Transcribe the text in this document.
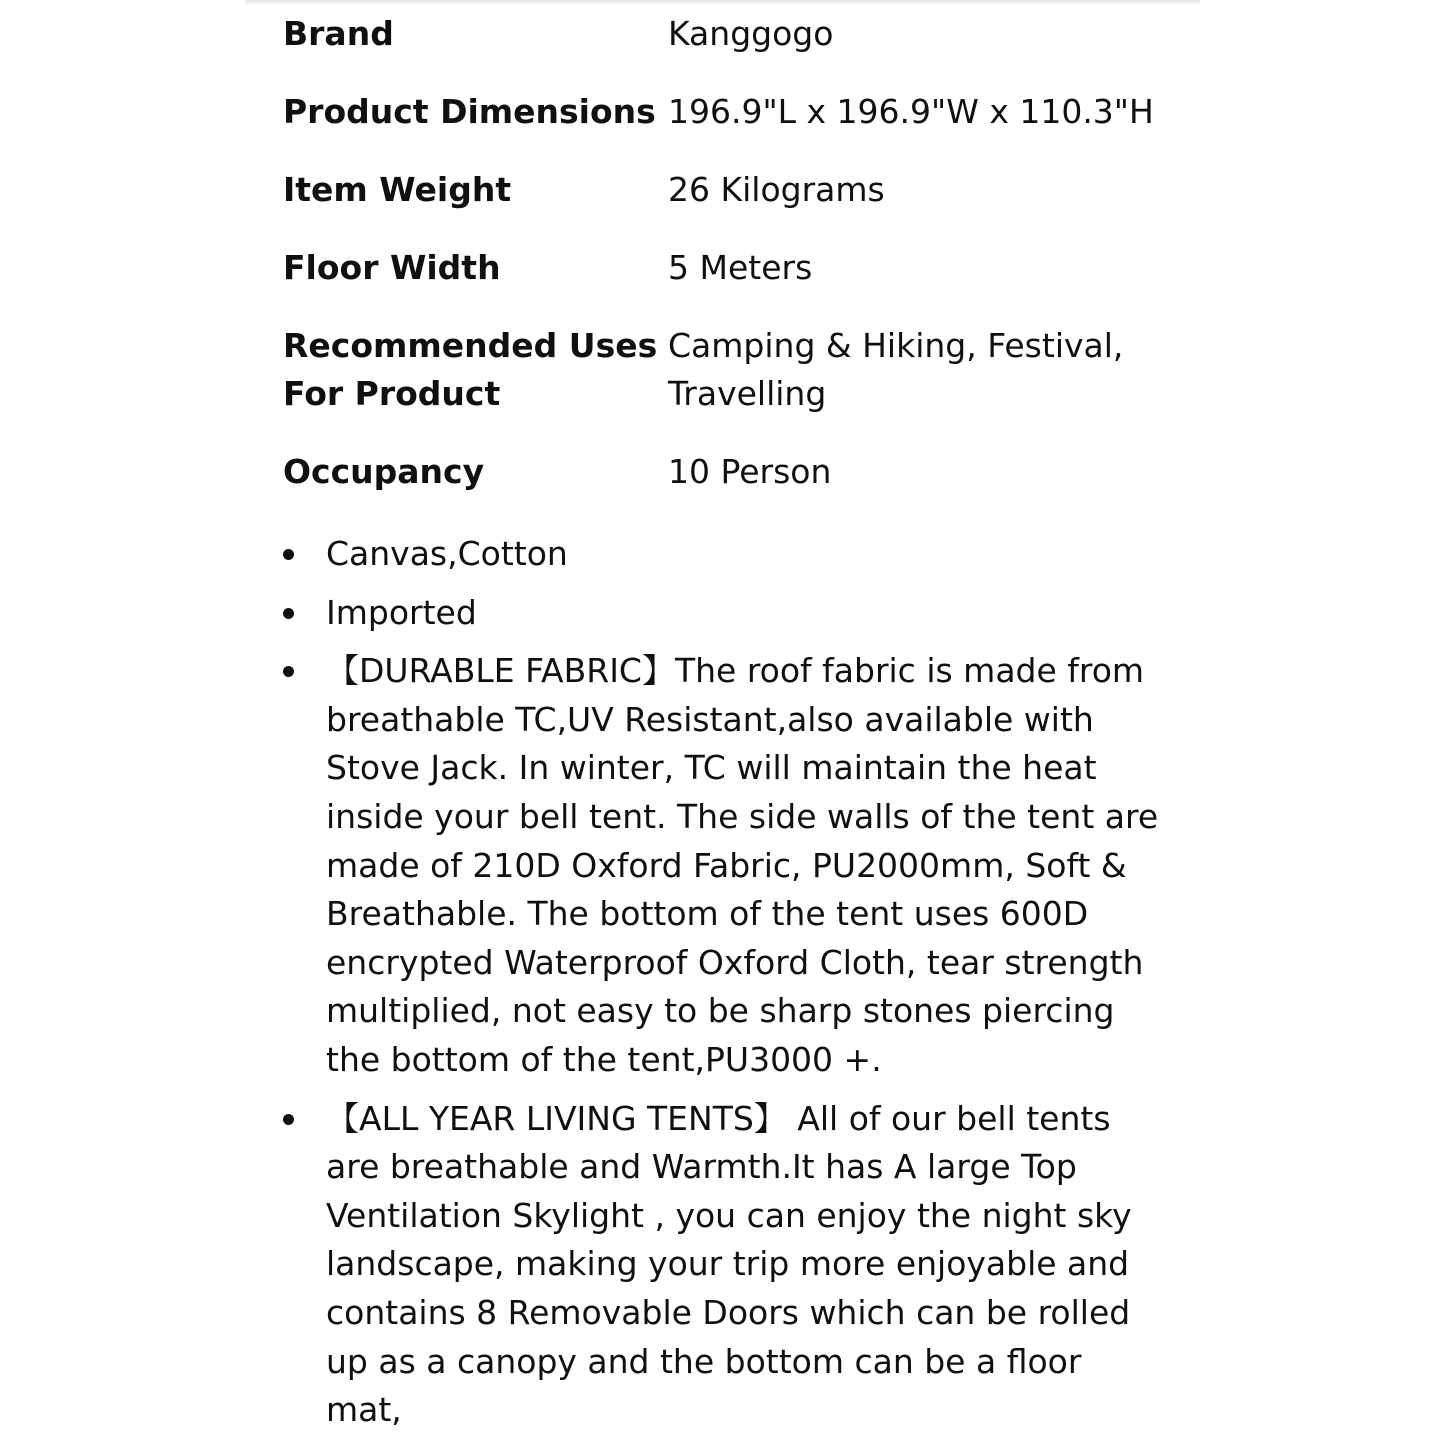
Brand	Kanggogo
Product Dimensions	196.9"L x 196.9"W x 110.3"H
Item Weight	26 Kilograms
Floor Width	5 Meters
Recommended Uses For Product	Camping & Hiking, Festival, Travelling
Occupancy	10 Person
Canvas,Cotton
Imported
【DURABLE FABRIC】The roof fabric is made from breathable TC,UV Resistant,also available with Stove Jack. In winter, TC will maintain the heat inside your bell tent. The side walls of the tent are made of 210D Oxford Fabric, PU2000mm, Soft & Breathable. The bottom of the tent uses 600D encrypted Waterproof Oxford Cloth, tear strength multiplied, not easy to be sharp stones piercing the bottom of the tent,PU3000 +.
【ALL YEAR LIVING TENTS】 All of our bell tents are breathable and Warmth.It has A large Top Ventilation Skylight , you can enjoy the night sky landscape, making your trip more enjoyable and contains 8 Removable Doors which can be rolled up as a canopy and the bottom can be a floor mat,
